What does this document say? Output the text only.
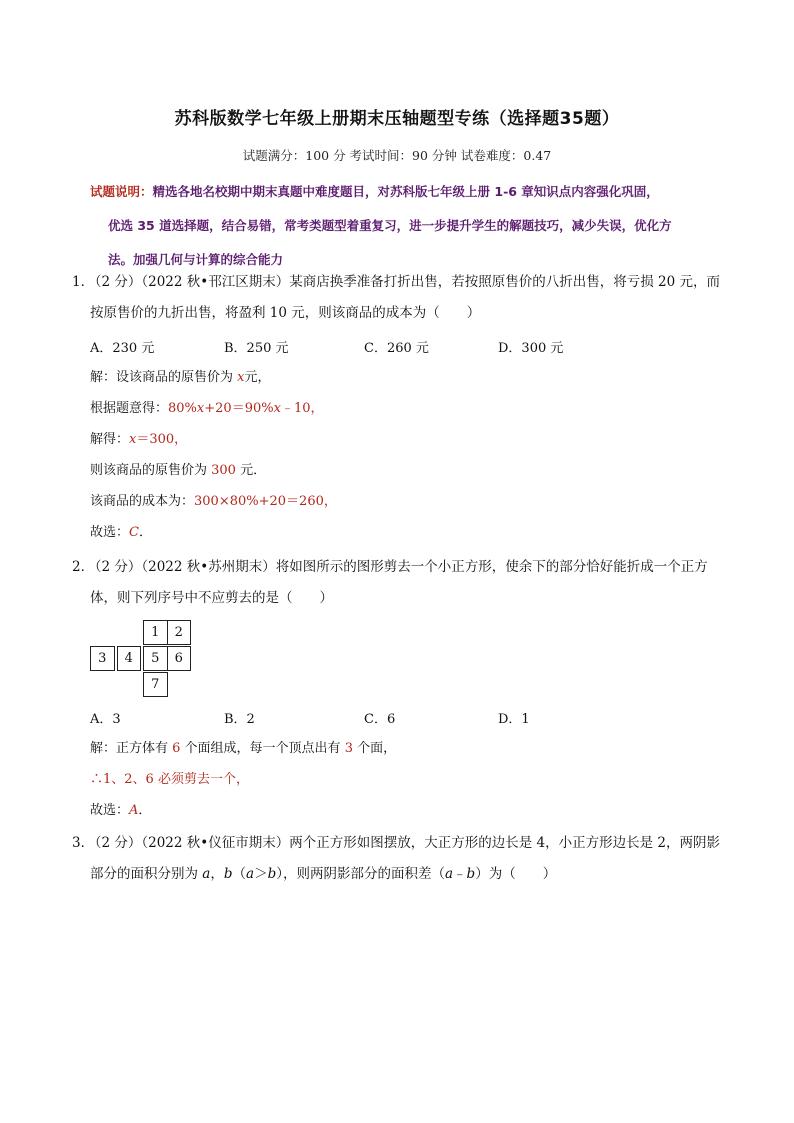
苏科版数学七年级上册期末压轴题型专练（选择题35题）
试题满分：100 分 考试时间：90 分钟 试卷难度：0.47
试题说明：精选各地名校期中期末真题中难度题目，对苏科版七年级上册 1-6 章知识点内容强化巩固，
优选 35 道选择题，结合易错，常考类题型着重复习，进一步提升学生的解题技巧，减少失误，优化方
法。加强几何与计算的综合能力
1．（2 分）（2022 秋•邗江区期末）某商店换季准备打折出售，若按照原售价的八折出售，将亏损 20 元，而
按原售价的九折出售，将盈利 10 元，则该商品的成本为（　　）
A．230 元	B．250 元	C．260 元	D．300 元
解：设该商品的原售价为 x元，
根据题意得：80%x+20＝90%x﹣10，
解得：x＝300，
则该商品的原售价为 300 元．
该商品的成本为：300×80%+20＝260，
故选：C．
2．（2 分）（2022 秋•苏州期末）将如图所示的图形剪去一个小正方形，使余下的部分恰好能折成一个正方
体，则下列序号中不应剪去的是（　　）
1	2
3	4	5	6
7
A．3	B．2	C．6	D．1
解：正方体有 6 个面组成，每一个顶点出有 3 个面，
∴1、2、6 必须剪去一个，
故选：A．
3．（2 分）（2022 秋•仪征市期末）两个正方形如图摆放，大正方形的边长是 4，小正方形边长是 2，两阴影
部分的面积分别为 a，b（a＞b），则两阴影部分的面积差（a﹣b）为（　　）
